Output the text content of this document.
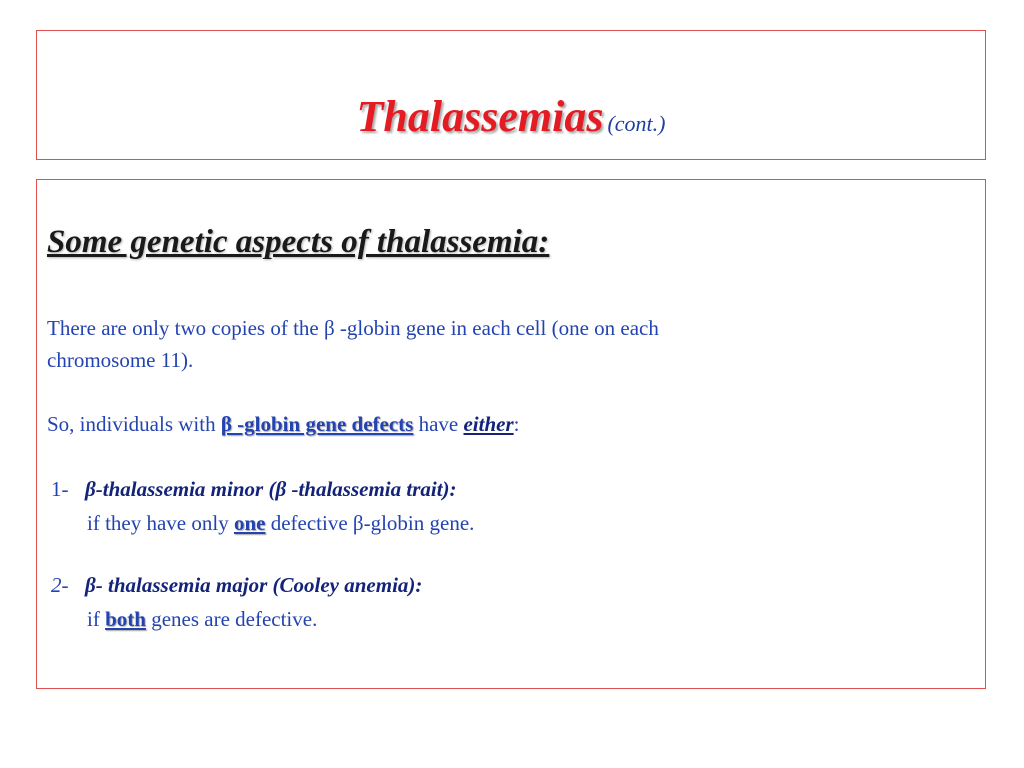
Thalassemias (cont.)
Some genetic aspects of thalassemia:

There are only two copies of the β -globin gene in each cell (one on each
chromosome 11).

So, individuals with β -globin gene defects have either:

1- β-thalassemia minor (β -thalassemia trait):
if they have only one defective β-globin gene.
2- β- thalassemia major (Cooley anemia):
if both genes are defective.
